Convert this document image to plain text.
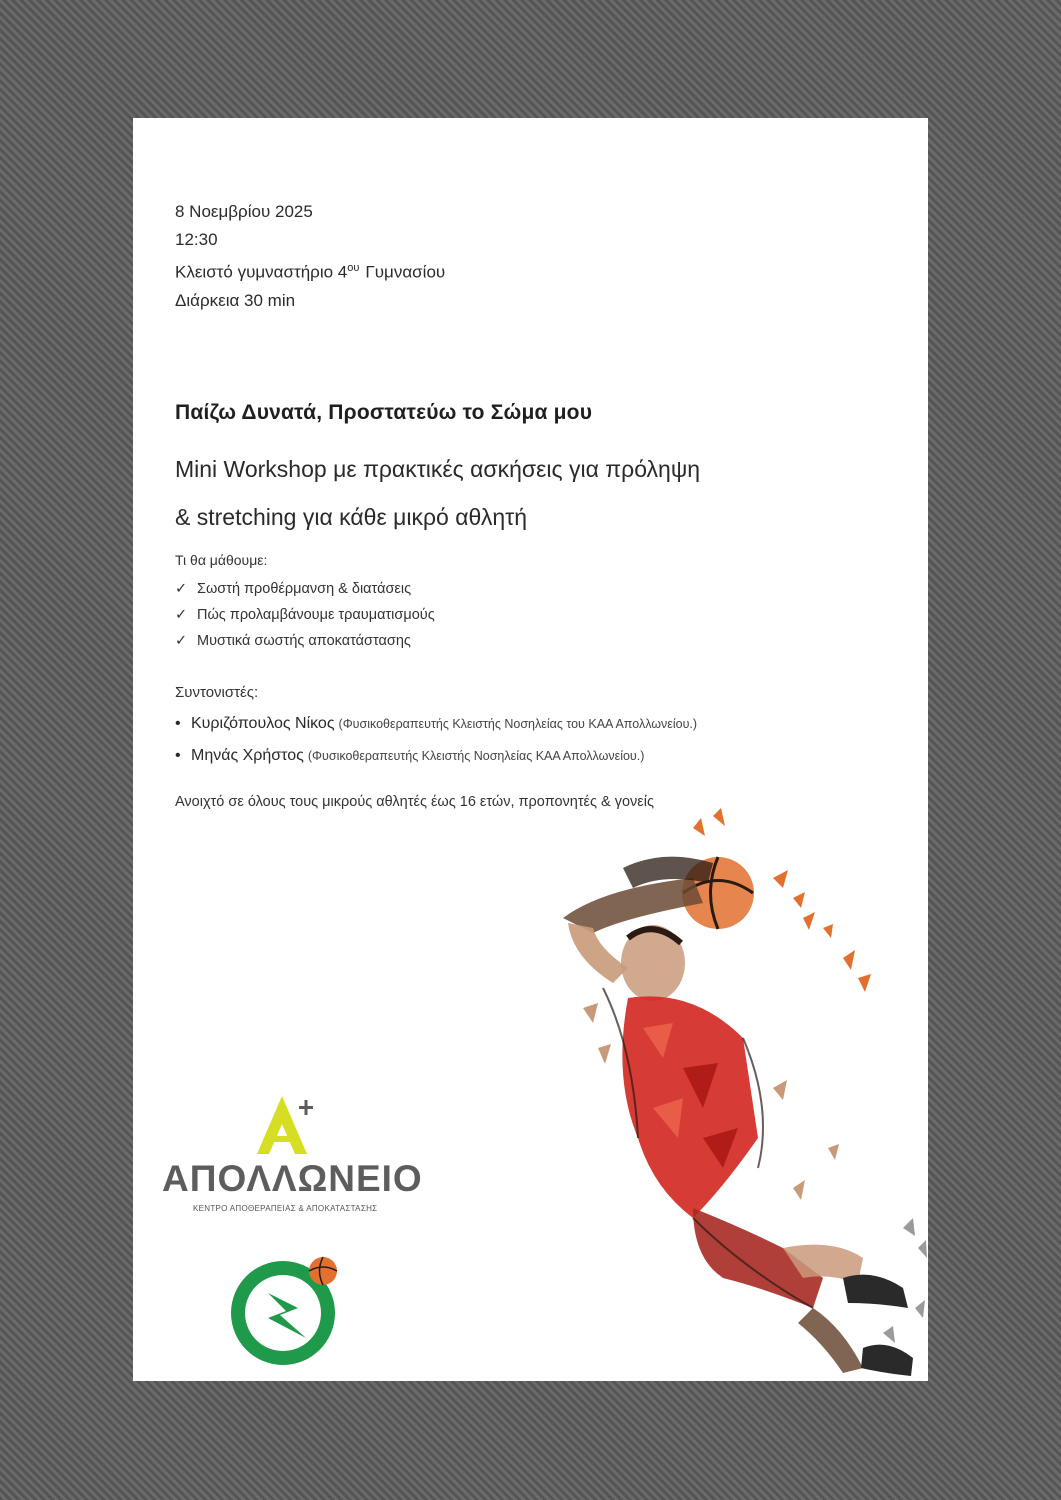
8 Νοεμβρίου 2025
12:30
Κλειστό γυμναστήριο $4^{o\upsilon}$ Γυμνασίου
Διάρκεια 30 min
Παίζω Δυνατά, Προστατεύω το Σώμα μου
Mini Workshop με πρακτικές ασκήσεις για πρόληψη
& stretching για κάθε μικρό αθλητή
Τι θα μάθουμε:
✓ Σωστή προθέρμανση & διατάσεις
✓ Πώς προλαμβάνουμε τραυματισμούς
✓ Μυστικά σωστής αποκατάστασης
Συντονιστές:
• Κυριζόπουλος Νίκος (Φυσικοθεραπευτής Κλειστής Νοσηλείας του ΚΑΑ Απολλωνείου.)
• Μηνάς Χρήστος (Φυσικοθεραπευτής Κλειστής Νοσηλείας ΚΑΑ Απολλωνείου.)
Ανοιχτό σε όλους τους μικρούς αθλητές έως 16 ετών, προπονητές & γονείς
ΑΠΟΛΛΩΝΕΙΟ
ΚΕΝΤΡΟ ΑΠΟΘΕΡΑΠΕΙΑΣ & ΑΠΟΚΑΤΑΣΤΑΣΗΣ
